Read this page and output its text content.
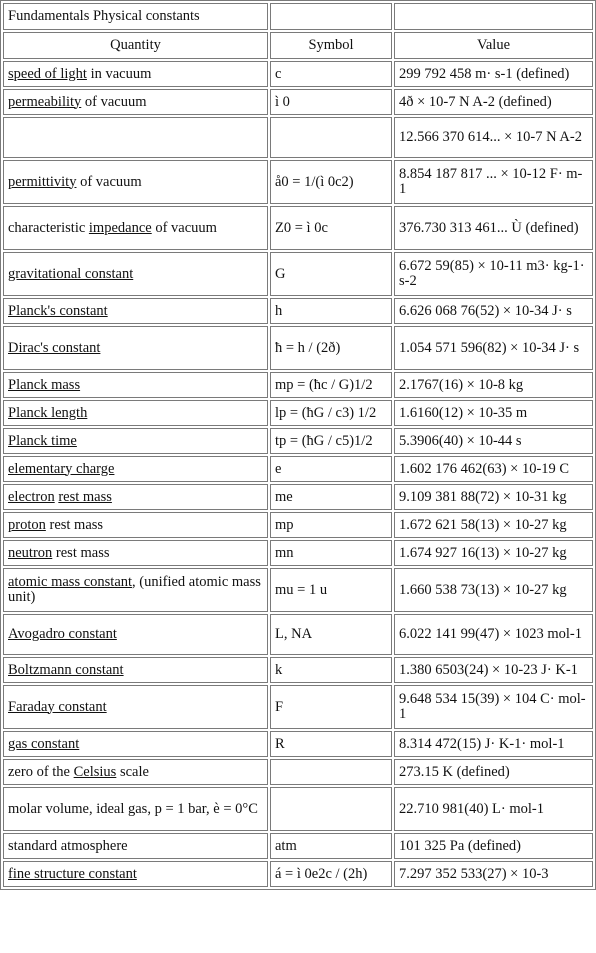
Fundamentals Physical constants		
Quantity	Symbol	Value
speed of light in vacuum	c	299 792 458 m· s-1 (defined)
permeability of vacuum	ì 0	4ð × 10-7 N A-2 (defined)
		12.566 370 614... × 10-7 N A-2
permittivity of vacuum	å0 = 1/(ì 0c2)	8.854 187 817 ... × 10-12 F· m-1
characteristic impedance of vacuum	Z0 = ì 0c	376.730 313 461... Ù (defined)
gravitational constant	G	6.672 59(85) × 10-11 m3· kg-1· s-2
Planck's constant	h	6.626 068 76(52) × 10-34 J· s
Dirac's constant	ħ = h / (2ð)	1.054 571 596(82) × 10-34 J· s
Planck mass	mp = (ħc / G)1/2	2.1767(16) × 10-8 kg
Planck length	lp = (ħG / c3) 1/2	1.6160(12) × 10-35 m
Planck time	tp = (ħG / c5)1/2	5.3906(40) × 10-44 s
elementary charge	e	1.602 176 462(63) × 10-19 C
electron rest mass	me	9.109 381 88(72) × 10-31 kg
proton rest mass	mp	1.672 621 58(13) × 10-27 kg
neutron rest mass	mn	1.674 927 16(13) × 10-27 kg
atomic mass constant, (unified atomic mass unit)	mu = 1 u	1.660 538 73(13) × 10-27 kg
Avogadro constant	L, NA	6.022 141 99(47) × 1023 mol-1
Boltzmann constant	k	1.380 6503(24) × 10-23 J· K-1
Faraday constant	F	9.648 534 15(39) × 104 C· mol-1
gas constant	R	8.314 472(15) J· K-1· mol-1
zero of the Celsius scale		273.15 K (defined)
molar volume, ideal gas, p = 1 bar, è = 0°C		22.710 981(40) L· mol-1
standard atmosphere	atm	101 325 Pa (defined)
fine structure constant	á = ì 0e2c / (2h)	7.297 352 533(27) × 10-3
